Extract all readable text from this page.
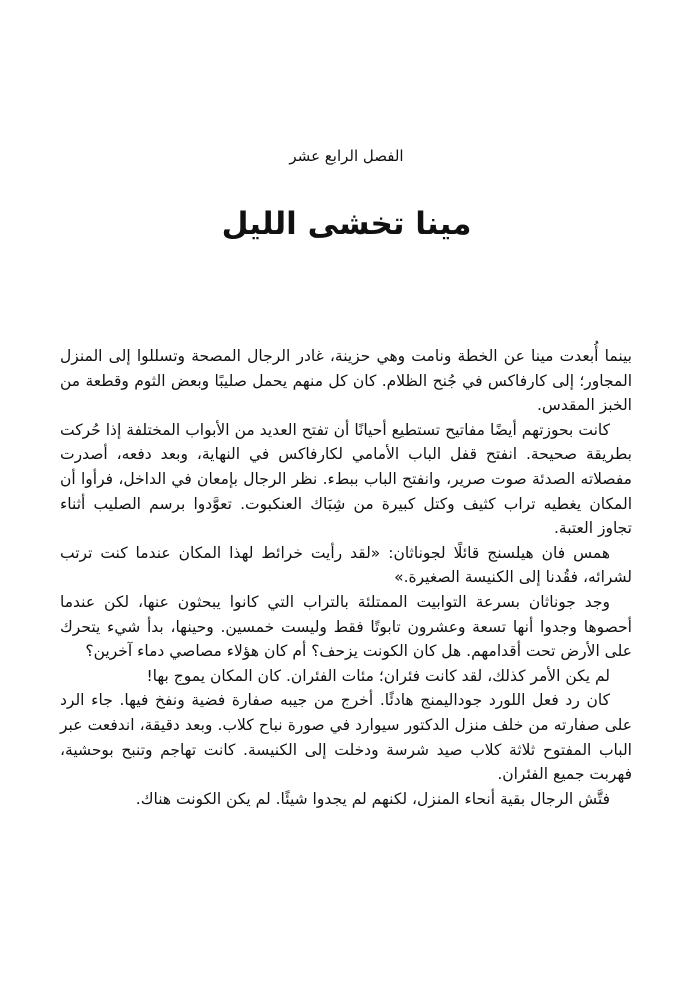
الفصل الرابع عشر
مينا تخشى الليل

بينما أُبعدت مينا عن الخطة ونامت وهي حزينة، غادر الرجال المصحة وتسللوا إلى المنزل المجاور؛ إلى كارفاكس في جُنح الظلام. كان كل منهم يحمل صليبًا وبعض الثوم وقطعة من الخبز المقدس.

كانت بحوزتهم أيضًا مفاتيح تستطيع أحيانًا أن تفتح العديد من الأبواب المختلفة إذا حُركت بطريقة صحيحة. انفتح قفل الباب الأمامي لكارفاكس في النهاية، وبعد دفعه، أصدرت مفصلاته الصدئة صوت صرير، وانفتح الباب ببطء. نظر الرجال بإمعان في الداخل، فرأوا أن المكان يغطيه تراب كثيف وكتل كبيرة من شِبَاك العنكبوت. تعوَّدوا برسم الصليب أثناء تجاوز العتبة.

همس فان هيلسنج قائلًا لجوناثان: «لقد رأيت خرائط لهذا المكان عندما كنت ترتب لشرائه، فقُدنا إلى الكنيسة الصغيرة.»

وجد جوناثان بسرعة التوابيت الممتلئة بالتراب التي كانوا يبحثون عنها، لكن عندما أحصوها وجدوا أنها تسعة وعشرون تابوتًا فقط وليست خمسين. وحينها، بدأ شيء يتحرك على الأرض تحت أقدامهم. هل كان الكونت يزحف؟ أم كان هؤلاء مصاصي دماء آخرين؟

لم يكن الأمر كذلك، لقد كانت فئران؛ مئات الفئران. كان المكان يموج بها!

كان رد فعل اللورد جوداليمنج هادئًا. أخرج من جيبه صفارة فضية ونفخ فيها. جاء الرد على صفارته من خلف منزل الدكتور سيوارد في صورة نباح كلاب. وبعد دقيقة، اندفعت عبر الباب المفتوح ثلاثة كلاب صيد شرسة ودخلت إلى الكنيسة. كانت تهاجم وتنبح بوحشية، فهربت جميع الفئران.

فتَّش الرجال بقية أنحاء المنزل، لكنهم لم يجدوا شيئًا. لم يكن الكونت هناك.
